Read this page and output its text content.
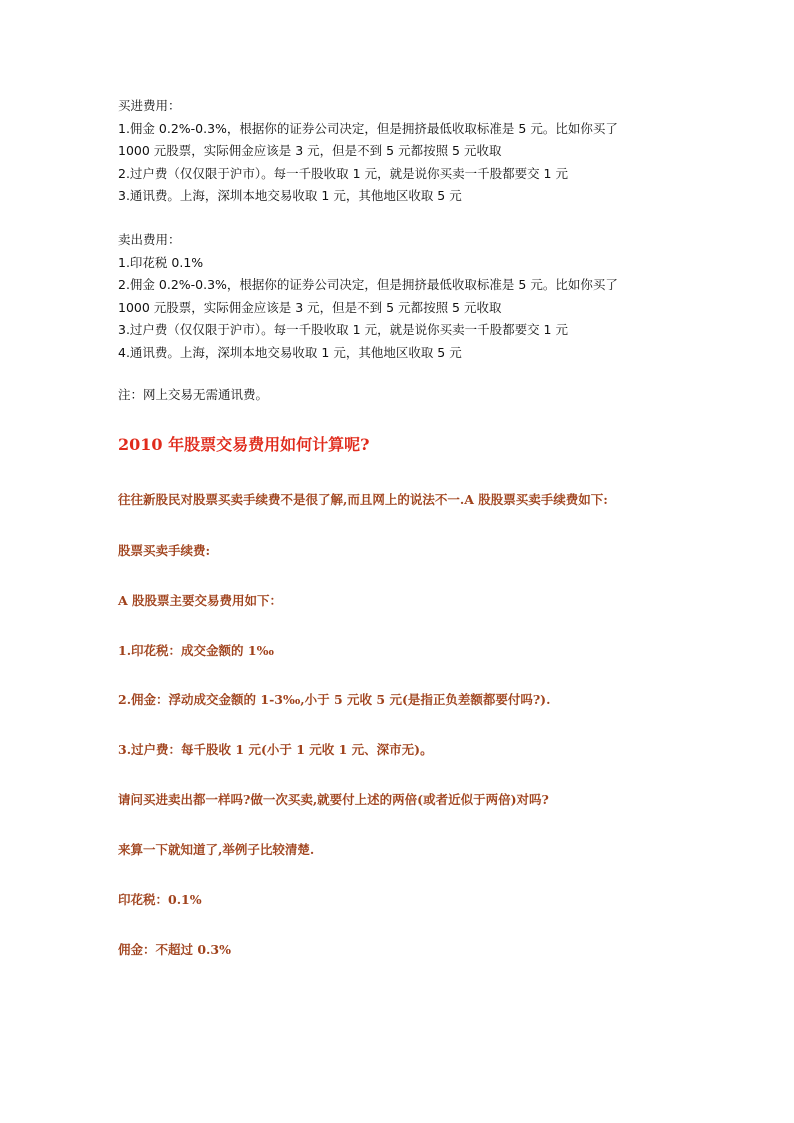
买进费用：
1.佣金 0.2%-0.3%，根据你的证券公司决定，但是拥挤最低收取标准是 5 元。比如你买了
1000 元股票，实际佣金应该是 3 元，但是不到 5 元都按照 5 元收取
2.过户费（仅仅限于沪市）。每一千股收取 1 元，就是说你买卖一千股都要交 1 元
3.通讯费。上海，深圳本地交易收取 1 元，其他地区收取 5 元
卖出费用：
1.印花税 0.1%
2.佣金 0.2%-0.3%，根据你的证券公司决定，但是拥挤最低收取标准是 5 元。比如你买了
1000 元股票，实际佣金应该是 3 元，但是不到 5 元都按照 5 元收取
3.过户费（仅仅限于沪市）。每一千股收取 1 元，就是说你买卖一千股都要交 1 元
4.通讯费。上海，深圳本地交易收取 1 元，其他地区收取 5 元
注：网上交易无需通讯费。
2010 年股票交易费用如何计算呢?
往往新股民对股票买卖手续费不是很了解,而且网上的说法不一.A 股股票买卖手续费如下:
股票买卖手续费:
A 股股票主要交易费用如下：
1.印花税：成交金额的 1‰
2.佣金：浮动成交金额的 1-3‰,小于 5 元收 5 元(是指正负差额都要付吗?).
3.过户费：每千股收 1 元(小于 1 元收 1 元、深市无)。
请问买进卖出都一样吗?做一次买卖,就要付上述的两倍(或者近似于两倍)对吗?
来算一下就知道了,举例子比较清楚.
印花税：0.1%
佣金：不超过 0.3%
